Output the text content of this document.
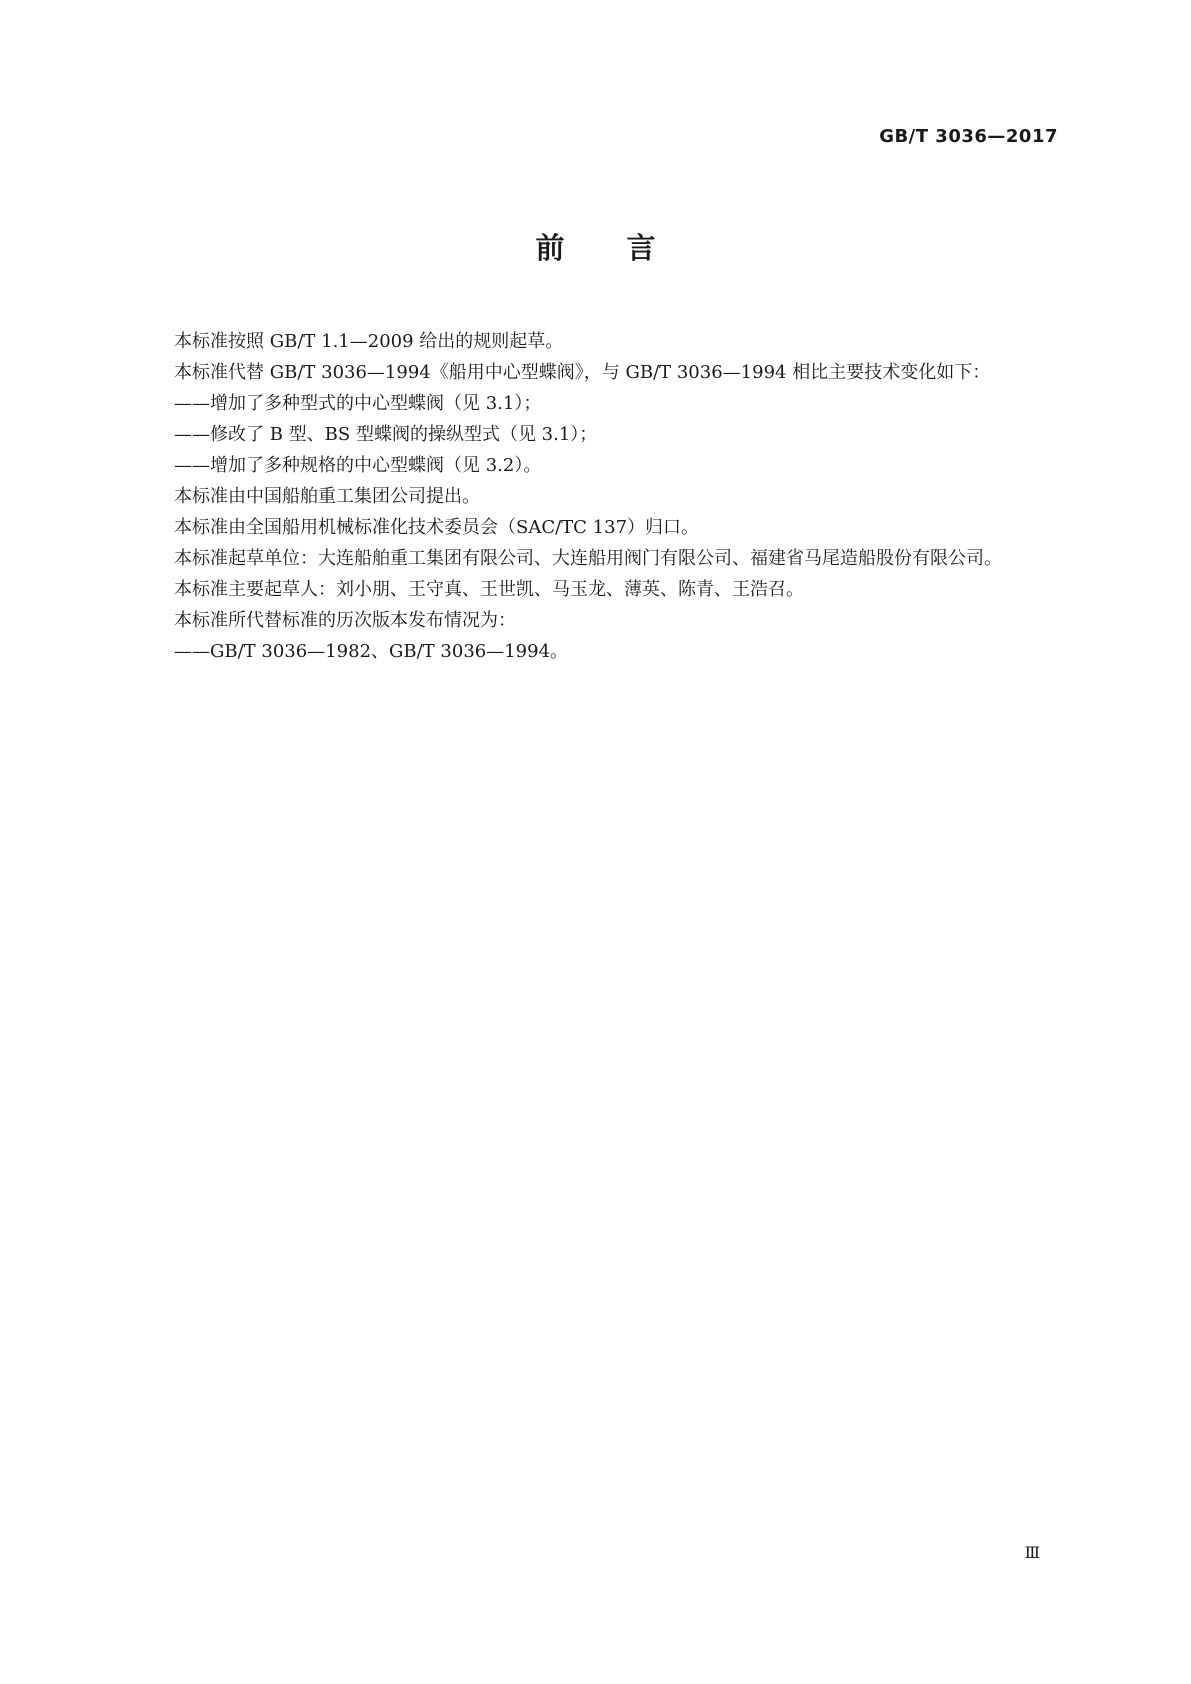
GB/T 3036—2017
前言

本标准按照 GB/T 1.1—2009 给出的规则起草。

本标准代替 GB/T 3036—1994《船用中心型蝶阀》，与 GB/T 3036—1994 相比主要技术变化如下：

——增加了多种型式的中心型蝶阀（见 3.1）；

——修改了 B 型、BS 型蝶阀的操纵型式（见 3.1）；

——增加了多种规格的中心型蝶阀（见 3.2）。

本标准由中国船舶重工集团公司提出。

本标准由全国船用机械标准化技术委员会（SAC/TC 137）归口。

本标准起草单位：大连船舶重工集团有限公司、大连船用阀门有限公司、福建省马尾造船股份有限公司。

本标准主要起草人：刘小朋、王守真、王世凯、马玉龙、薄英、陈青、王浩召。

本标准所代替标准的历次版本发布情况为：

——GB/T 3036—1982、GB/T 3036—1994。

Ⅲ
